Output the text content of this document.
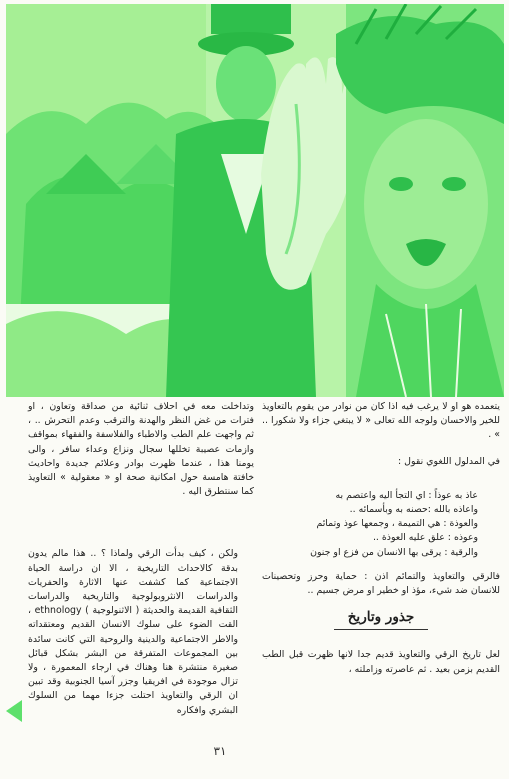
يتعمده هو او لا يرغب فيه اذا كان من نوادر من يقوم بالتعاويذ للخير والاحسان ولوجه الله تعالى « لا يبتغي جزاء ولا شكورا .. » .

في المدلول اللغوي نقول :

عاذ به عوذاً : اي التجأ اليه واعتصم به
واعاذه بالله :حصنه به وبأسمائه ..
والعوذة : هي التميمة ، وجمعها عوذ وتمائم
وعوذه : علق عليه العوذة ..
والرقية : يرقى بها الانسان من فزع او جنون

فالرقي والتعاويذ والتمائم اذن : حماية وحرز وتحصينات للانسان ضد شيء، مؤذ او خطير او مرض جسيم ..

جذور وتاريخ

لعل تاريخ الرقي والتعاويذ قديم جدا لانها ظهرت قبل الطب القديم بزمن بعيد . ثم عاصرته وزاملته ،

وتداخلت معه في احلاف ثنائية من صداقة وتعاون ، او فترات من غض النظر والهدنة والترقب وعدم التحرش .. ، ثم واجهت علم الطب والاطباء والفلاسفة والفقهاء بمواقف وازمات عصيبة تخللها سجال ونزاع وعداء سافر ، والى يومنا هذا ، عندما ظهرت بوادر وعلائم جديدة واحاديث خافتة هامسة حول امكانية صحة او « معقولية » التعاويذ كما سنتطرق اليه .

ولكن ، كيف بدأت الرقي ولماذا ؟ .. هذا مالم يدون بدقة كالاحداث التاريخية ، الا ان دراسة الحياة الاجتماعية كما كشفت عنها الاثارة والحفريات والدراسات الانثروبولوجية والتاريخية والدراسات الثقافية القديمة والحديثة ( الاثنولوجية ) ethnology ، القت الضوء على سلوك الانسان القديم ومعتقداته والاطر الاجتماعية والدينية والروحية التي كانت سائدة بين المجموعات المتفرقة من البشر بشكل قبائل صغيرة منتشرة هنا وهناك في ارجاء المعمورة ، ولا تزال موجودة في افريقيا وجزر آسيا الجنوبية وقد تبين ان الرقي والتعاويذ احتلت جزءا مهما من السلوك البشري وافكاره

٣١
